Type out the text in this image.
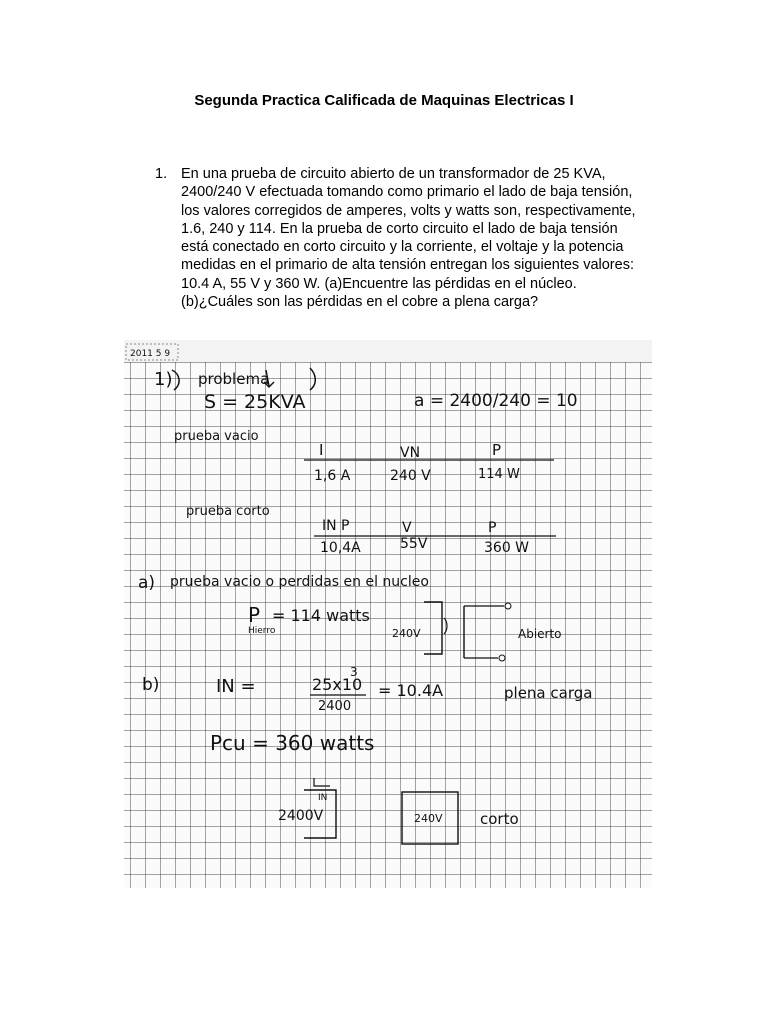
Segunda Practica Calificada de Maquinas Electricas I
1. En una prueba de circuito abierto de un transformador de 25 KVA,
2400/240 V efectuada tomando como primario el lado de baja tensión,
los valores corregidos de amperes, volts y watts son, respectivamente,
1.6, 240 y 114. En la prueba de corto circuito el lado de baja tensión
está conectado en corto circuito y la corriente, el voltaje y la potencia
medidas en el primario de alta tensión entregan los siguientes valores:
10.4 A, 55 V y 360 W. (a)Encuentre las pérdidas en el núcleo.
(b)¿Cuáles son las pérdidas en el cobre a plena carga?
2011 5 9
1) problema
S = 25KVA	a = 2400/240 = 10
prueba vacio
I	VN	P
1,6 A	240 V	114 W
prueba corto
IN P	V	P
10,4A	55V	360 W
a) prueba vacio o perdidas en el nucleo
P
Hierro
= 114 watts
240V	Abierto
b)	IN =	25x10
3
2400
= 10.4A	plena carga
Pcu = 360 watts
IN
2400V	240V corto
